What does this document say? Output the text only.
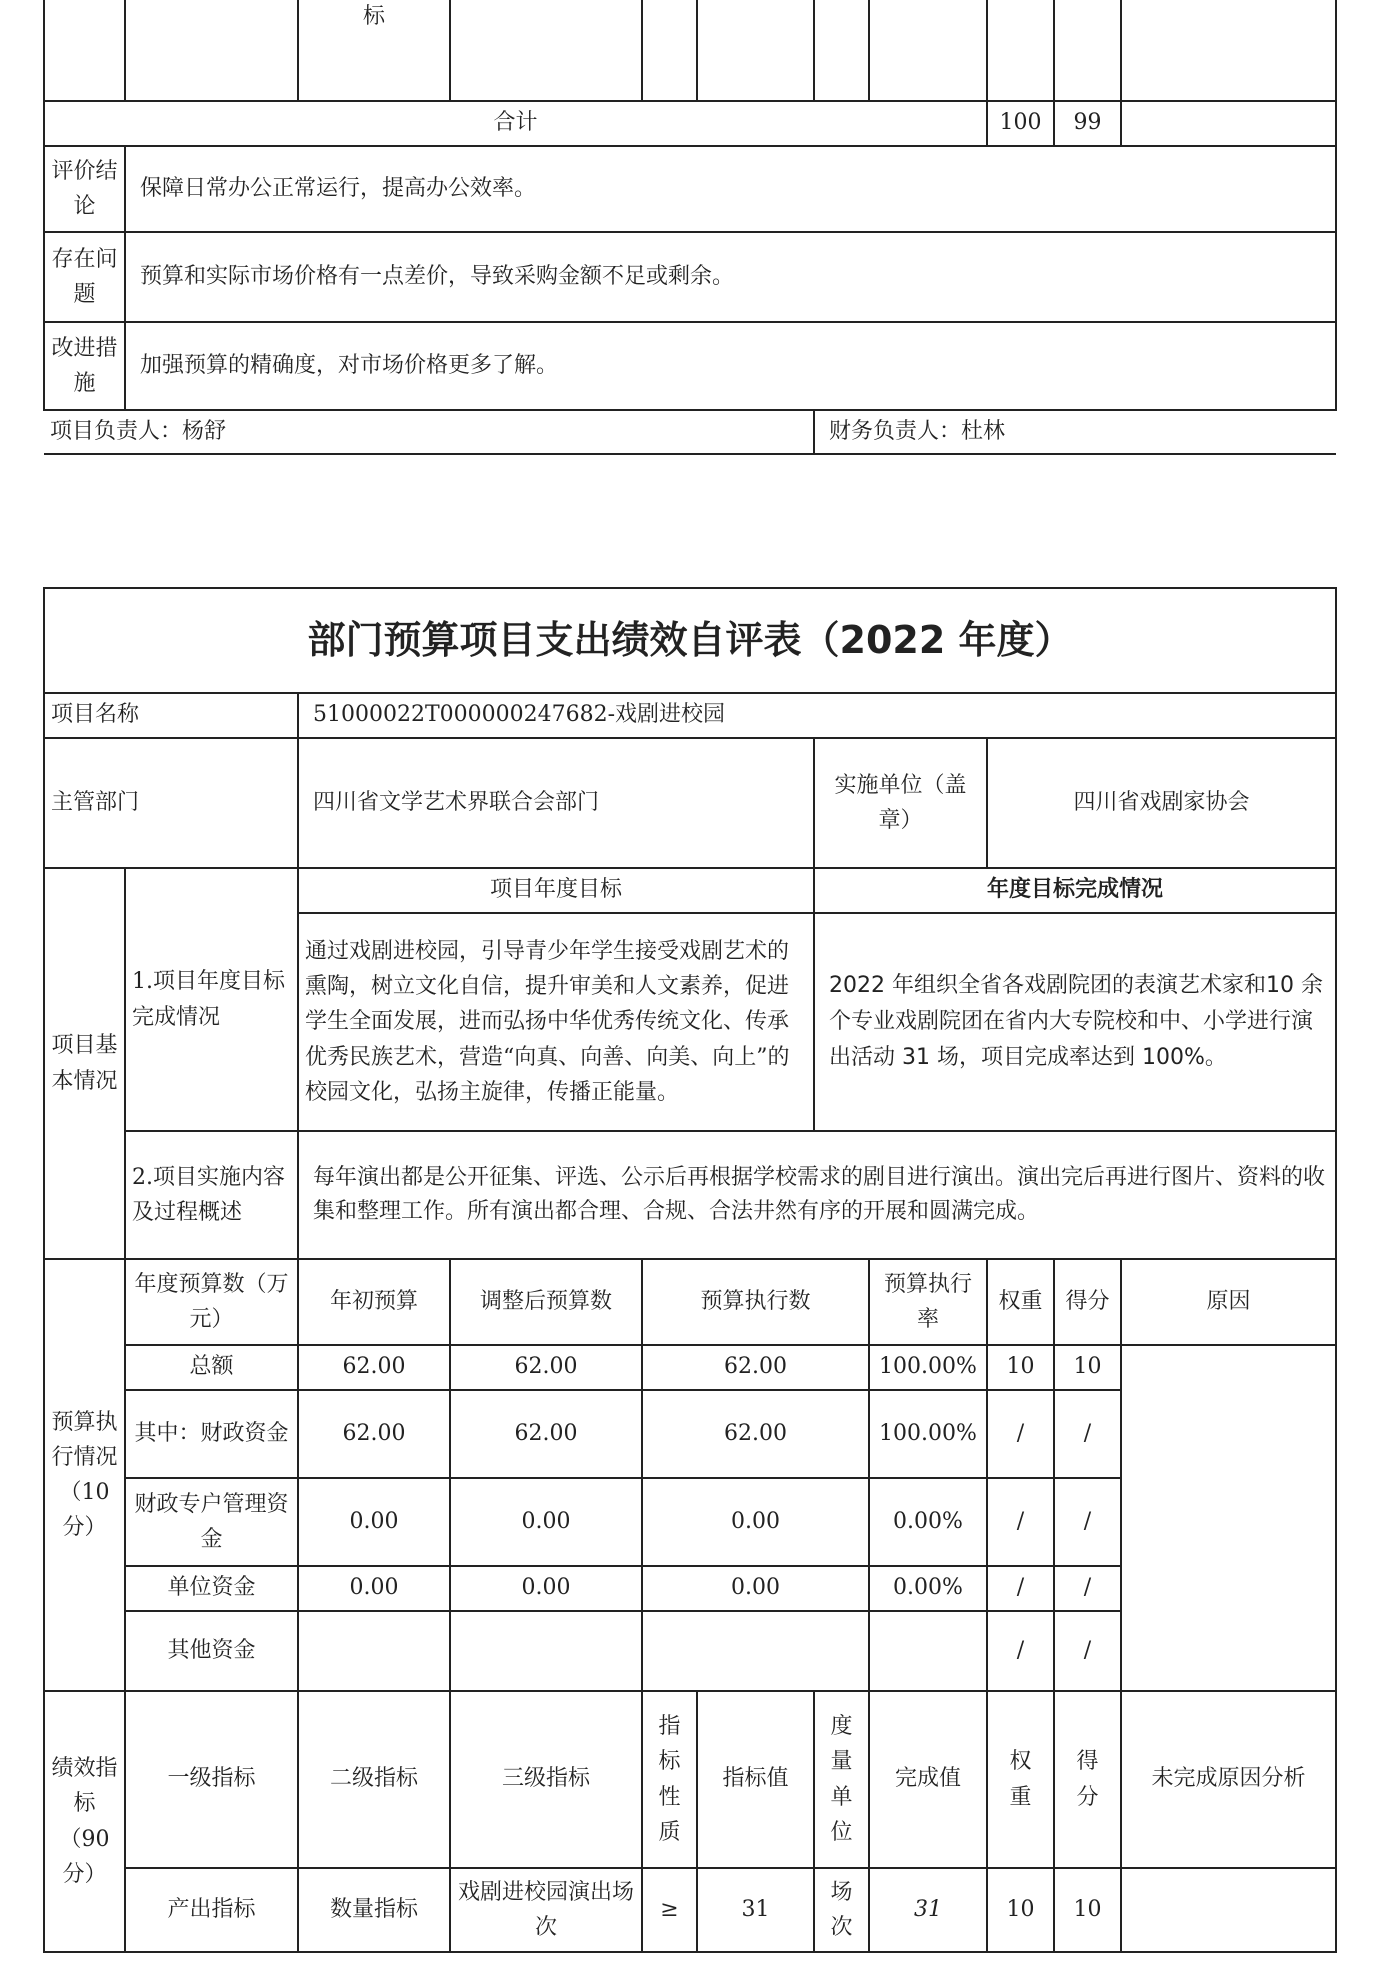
		标								
合计								100	99	
评价结论	保障日常办公正常运行，提高办公效率。									
存在问题	预算和实际市场价格有一点差价，导致采购金额不足或剩余。									
改进措施	加强预算的精确度，对市场价格更多了解。									
项目负责人：杨舒						财务负责人：杜林				
部门预算项目支出绩效自评表（2022 年度）										
项目名称		51000022T000000247682-戏剧进校园								
主管部门		四川省文学艺术界联合会部门				实施单位（盖章）		四川省戏剧家协会		
项目基本情况	1.项目年度目标完成情况	项目年度目标				年度目标完成情况				
		通过戏剧进校园，引导青少年学生接受戏剧艺术的熏陶，树立文化自信，提升审美和人文素养，促进学生全面发展，进而弘扬中华优秀传统文化、传承优秀民族艺术，营造“向真、向善、向美、向上”的校园文化，弘扬主旋律，传播正能量。				2022 年组织全省各戏剧院团的表演艺术家和10 余个专业戏剧院团在省内大专院校和中、小学进行演出活动 31 场，项目完成率达到 100%。				
	2.项目实施内容及过程概述	每年演出都是公开征集、评选、公示后再根据学校需求的剧目进行演出。演出完后再进行图片、资料的收集和整理工作。所有演出都合理、合规、合法井然有序的开展和圆满完成。								
预算执行情况（10分）	年度预算数（万元）	年初预算	调整后预算数	预算执行数			预算执行率	权重	得分	原因
	总额	62.00	62.00	62.00			100.00%	10	10	
	其中：财政资金	62.00	62.00	62.00			100.00%	/	/	
	财政专户管理资金	0.00	0.00	0.00			0.00%	/	/	
	单位资金	0.00	0.00	0.00			0.00%	/	/	
	其他资金							/	/	
绩效指标（90分）	一级指标	二级指标	三级指标	指标性质	指标值	度量单位	完成值	权重	得分	未完成原因分析
	产出指标	数量指标	戏剧进校园演出场次	≥	31	场次	31	10	10	
